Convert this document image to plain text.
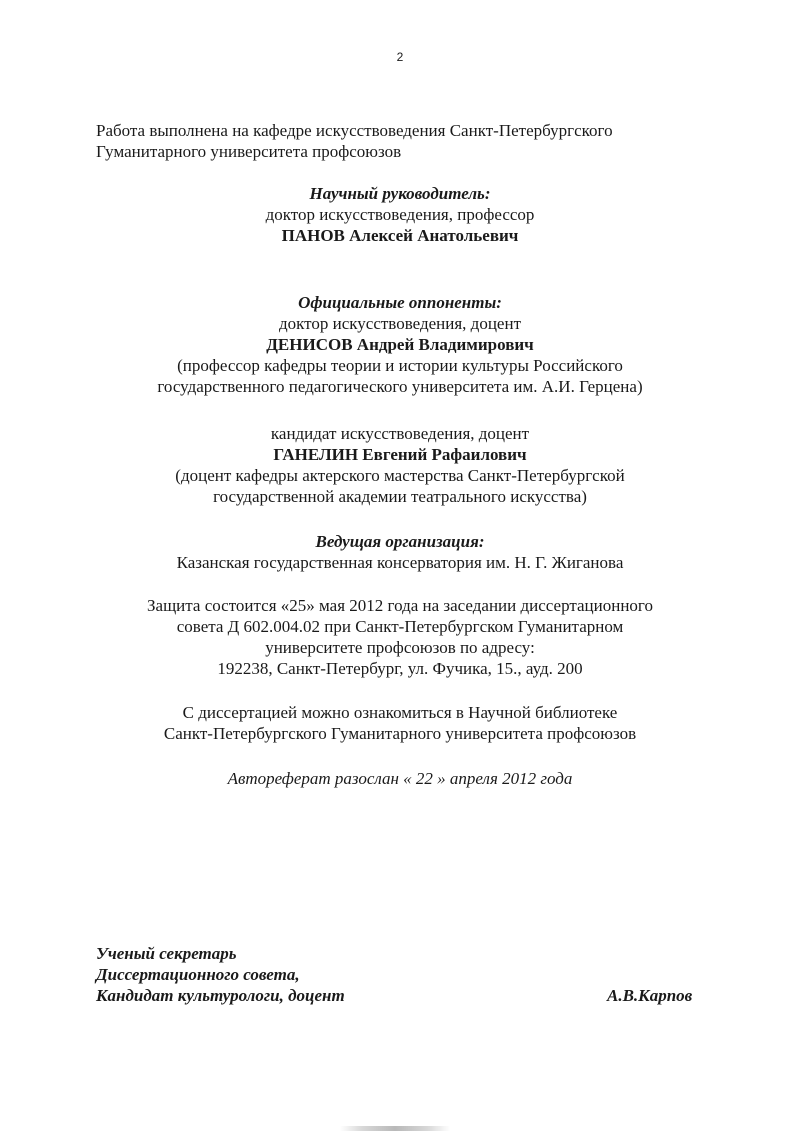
2
Работа выполнена на кафедре искусствоведения Санкт-Петербургского
Гуманитарного университета профсоюзов
Научный руководитель:
доктор искусствоведения, профессор
ПАНОВ Алексей Анатольевич
Официальные оппоненты:
доктор искусствоведения, доцент
ДЕНИСОВ Андрей Владимирович
(профессор кафедры теории и истории культуры Российского
государственного педагогического университета им. А.И. Герцена)
кандидат искусствоведения, доцент
ГАНЕЛИН Евгений Рафаилович
(доцент кафедры актерского мастерства Санкт-Петербургской
государственной академии театрального искусства)
Ведущая организация:
Казанская государственная консерватория им. Н. Г. Жиганова
Защита состоится «25» мая 2012 года на заседании диссертационного
совета Д 602.004.02 при Санкт-Петербургском Гуманитарном
университете профсоюзов по адресу:
192238, Санкт-Петербург, ул. Фучика, 15., ауд. 200
С диссертацией можно ознакомиться в Научной библиотеке
Санкт-Петербургского Гуманитарного университета профсоюзов
Автореферат разослан « 22 » апреля 2012 года
Ученый секретарь
Диссертационного совета,
Кандидат культурологи, доцент	А.В.Карпов
